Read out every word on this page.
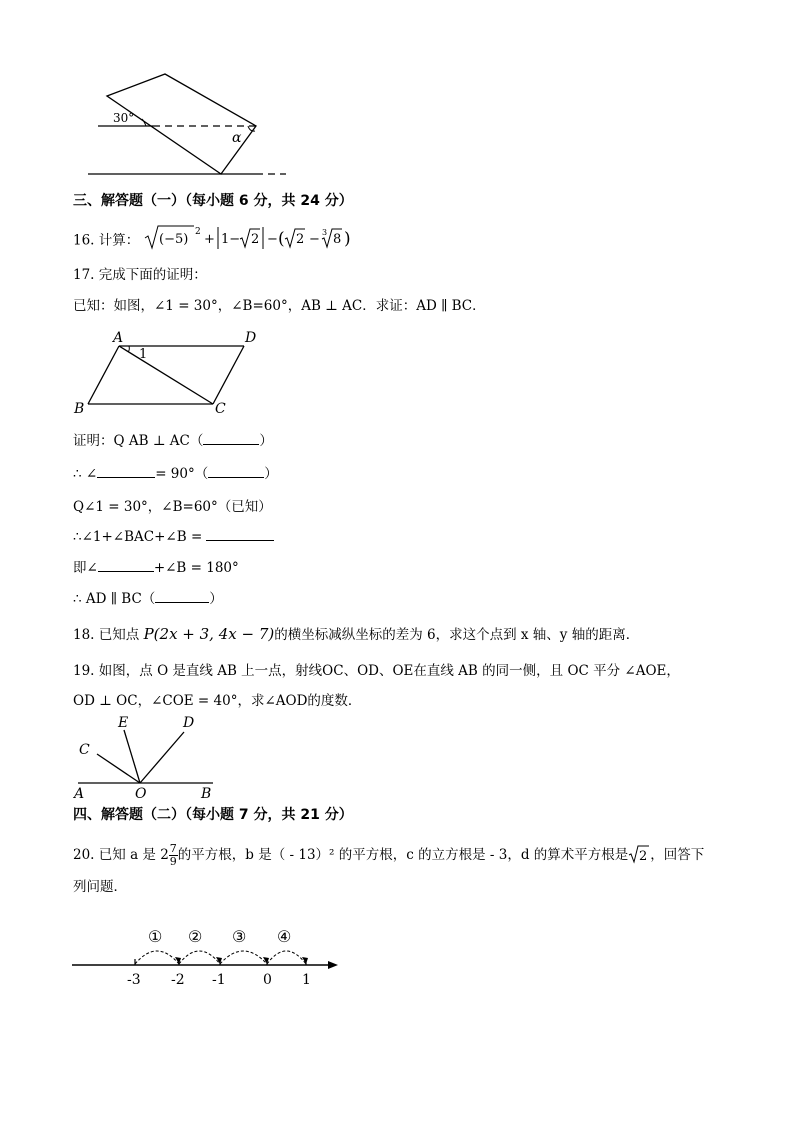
30°
α
三、解答题（一）（每小题 6 分，共 24 分）
16. 计算： (−5) 2 + 1− 2 − ( 2 − 3 8 )
17. 完成下面的证明：
已知：如图，∠1 = 30°，∠B=60°，AB ⊥ AC．求证：AD ∥ BC．
A	D
B	C
1
证明：Q AB ⊥ AC（	）
∴ ∠	= 90°（	）
Q∠1 = 30°，∠B=60°（已知）
∴∠1+∠BAC+∠B =
即∠	+∠B = 180°
∴ AD ∥ BC（	）
18. 已知点 P(2x + 3, 4x − 7)的横坐标减纵坐标的差为 6，求这个点到 x 轴、y 轴的距离．
19. 如图，点 O 是直线 AB 上一点，射线OC、OD、OE在直线 AB 的同一侧，且 OC 平分 ∠AOE，
OD ⊥ OC，∠COE = 40°，求∠AOD的度数．
E	D
C
A	O	B
四、解答题（二）（每小题 7 分，共 21 分）
20. 已知 a 是 $2 \frac{7}{9}$ 的平方根，b 是（ - 13）² 的平方根，c 的立方根是 - 3，d 的算术平方根是 2 ，回答下
列问题．
① ② ③ ④
-3 -2 -1	0 1
